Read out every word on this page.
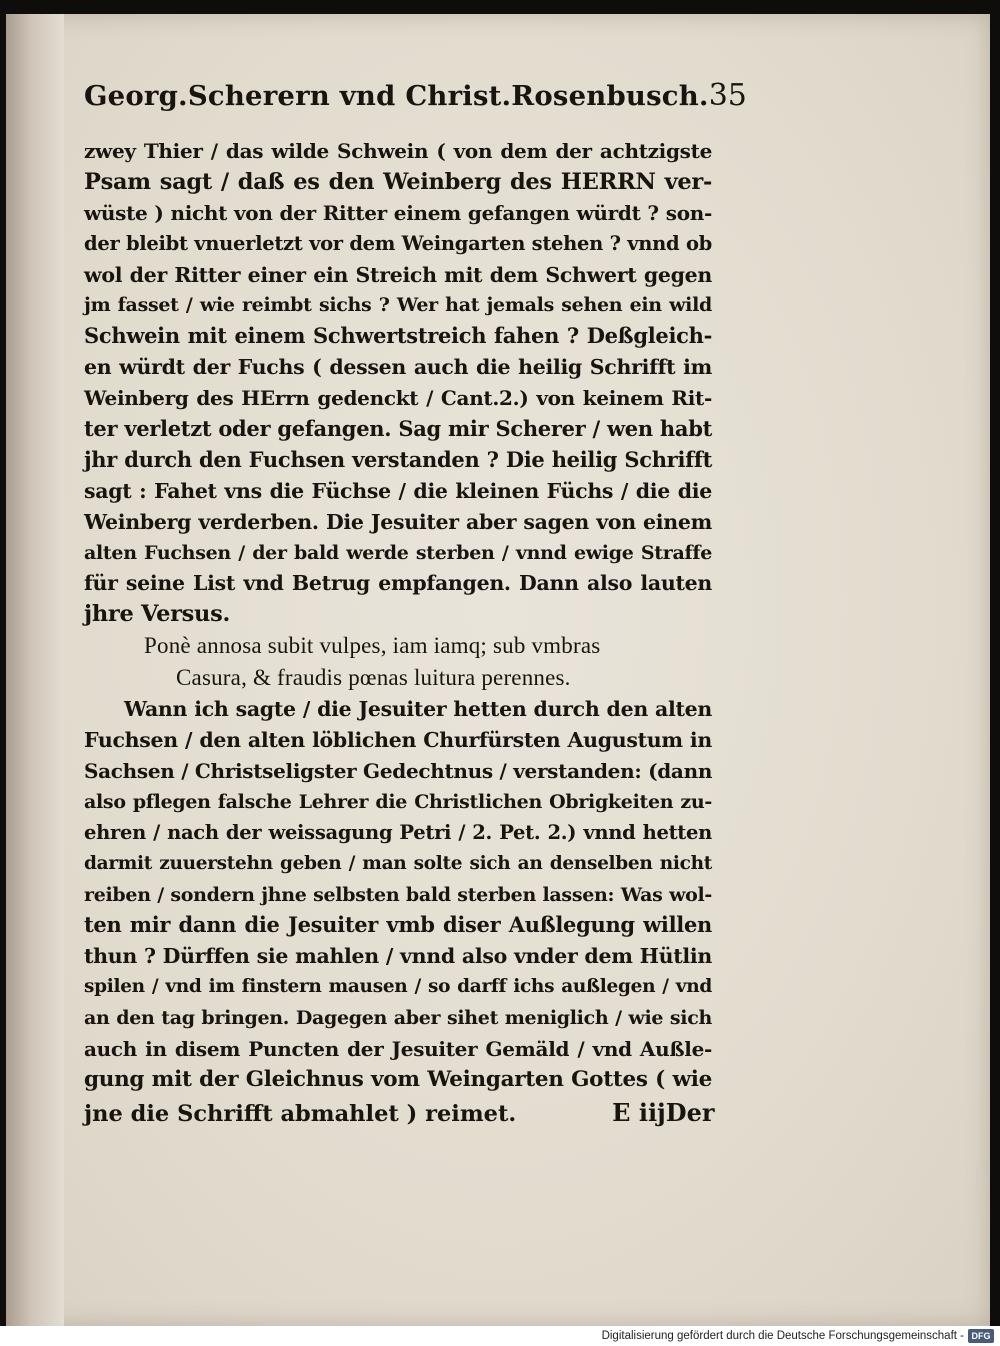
Georg.Scherern vnd Christ.Rosenbusch. 35
zwey Thier / das wilde Schwein ( von dem der achtzigste
Psam sagt / daß es den Weinberg des HERRN ver-
wüste ) nicht von der Ritter einem gefangen würdt ? son-
der bleibt vnuerletzt vor dem Weingarten stehen ? vnnd ob
wol der Ritter einer ein Streich mit dem Schwert gegen
jm fasset / wie reimbt sichs ? Wer hat jemals sehen ein wild
Schwein mit einem Schwertstreich fahen ? Deßgleich-
en würdt der Fuchs ( dessen auch die heilig Schrifft im
Weinberg des HErrn gedenckt / Cant.2.) von keinem Rit-
ter verletzt oder gefangen. Sag mir Scherer / wen habt
jhr durch den Fuchsen verstanden ? Die heilig Schrifft
sagt : Fahet vns die Füchse / die kleinen Füchs / die die
Weinberg verderben. Die Jesuiter aber sagen von einem
alten Fuchsen / der bald werde sterben / vnnd ewige Straffe
für seine List vnd Betrug empfangen. Dann also lauten
jhre Versus.
Ponè annosa subit vulpes, iam iamq; sub vmbras
Casura, & fraudis pœnas luitura perennes.
Wann ich sagte / die Jesuiter hetten durch den alten
Fuchsen / den alten löblichen Churfürsten Augustum in
Sachsen / Christseligster Gedechtnus / verstanden: (dann
also pflegen falsche Lehrer die Christlichen Obrigkeiten zu-
ehren / nach der weissagung Petri / 2. Pet. 2.) vnnd hetten
darmit zuuerstehn geben / man solte sich an denselben nicht
reiben / sondern jhne selbsten bald sterben lassen: Was wol-
ten mir dann die Jesuiter vmb diser Außlegung willen
thun ? Dürffen sie mahlen / vnnd also vnder dem Hütlin
spilen / vnd im finstern mausen / so darff ichs außlegen / vnd
an den tag bringen. Dagegen aber sihet meniglich / wie sich
auch in disem Puncten der Jesuiter Gemäld / vnd Außle-
gung mit der Gleichnus vom Weingarten Gottes ( wie
jne die Schrifft abmahlet ) reimet.	E iij Der
Digitalisierung gefördert durch die Deutsche Forschungsgemeinschaft - DFG
